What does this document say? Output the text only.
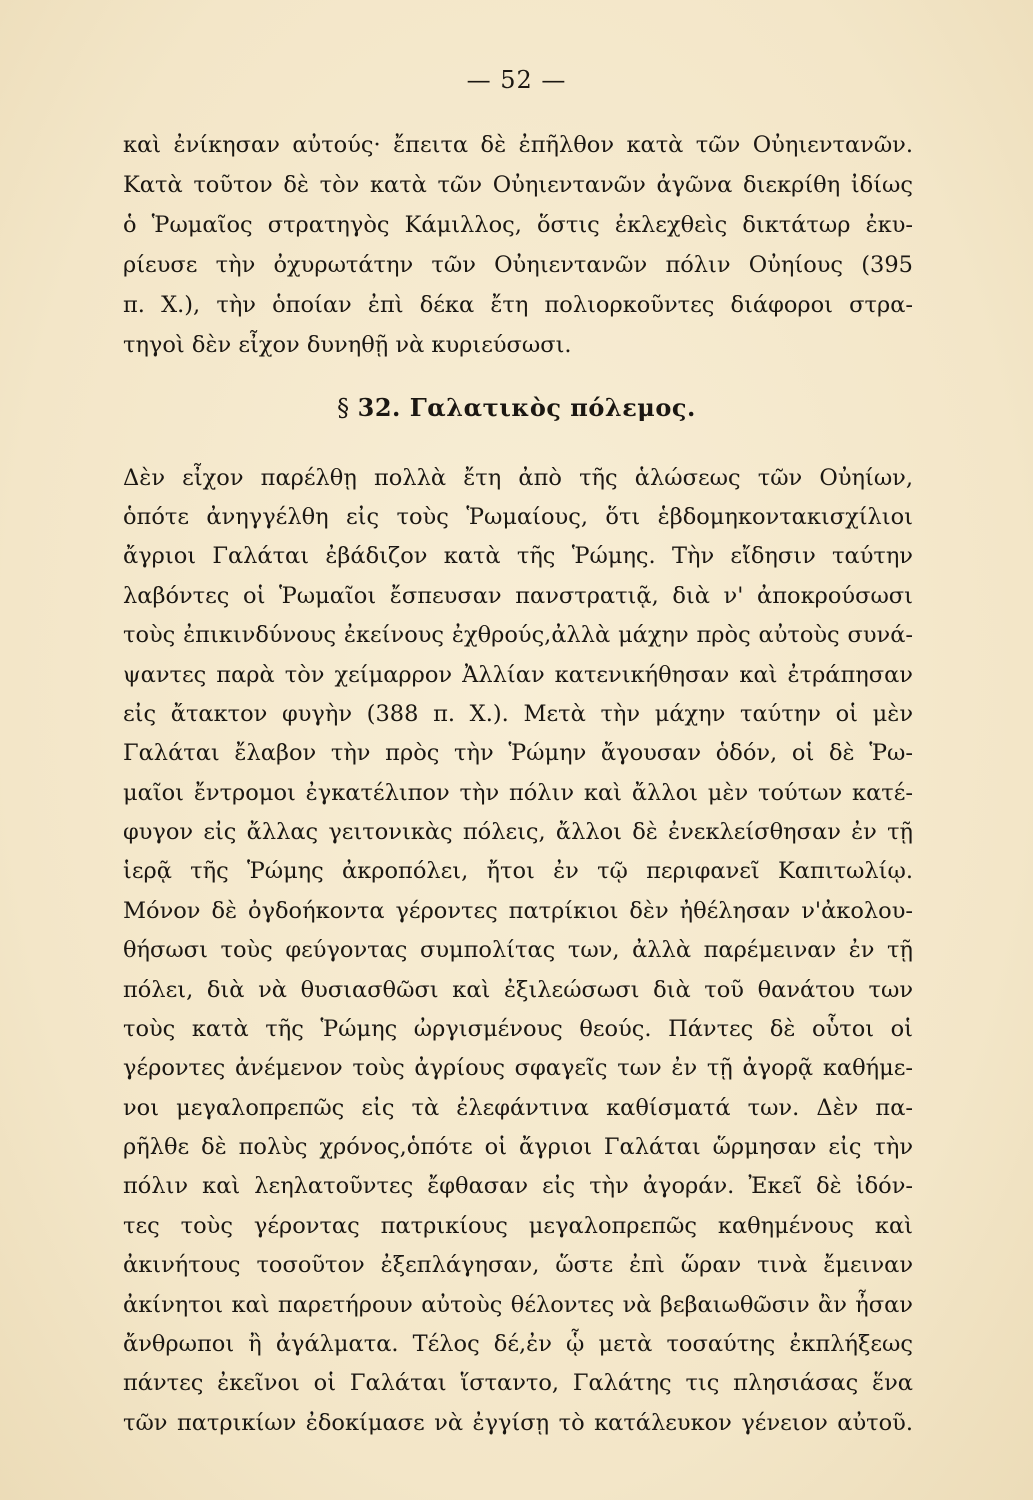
— 52 —
καὶ ἐνίκησαν αὐτούς· ἔπειτα δὲ ἐπῆλθον κατὰ τῶν Οὐηιεντανῶν.
Κατὰ τοῦτον δὲ τὸν κατὰ τῶν Οὐηιεντανῶν ἀγῶνα διεκρίθη ἰδίως
ὁ Ῥωμαῖος στρατηγὸς Κάμιλλος, ὅστις ἐκλεχθεὶς δικτάτωρ ἐκυ-
ρίευσε τὴν ὀχυρωτάτην τῶν Οὐηιεντανῶν πόλιν Οὐηίους (395
π. Χ.), τὴν ὁποίαν ἐπὶ δέκα ἔτη πολιορκοῦντες διάφοροι στρα-
τηγοὶ δὲν εἶχον δυνηθῇ νὰ κυριεύσωσι.
§ 32. Γαλατικὸς πόλεμος.
Δὲν εἶχον παρέλθῃ πολλὰ ἔτη ἀπὸ τῆς ἁλώσεως τῶν Οὐηίων,
ὁπότε ἀνηγγέλθη εἰς τοὺς Ῥωμαίους, ὅτι ἑβδομηκοντακισχίλιοι
ἄγριοι Γαλάται ἐβάδιζον κατὰ τῆς Ῥώμης. Τὴν εἴδησιν ταύτην
λαβόντες οἱ Ῥωμαῖοι ἔσπευσαν πανστρατιᾷ, διὰ ν' ἀποκρούσωσι
τοὺς ἐπικινδύνους ἐκείνους ἐχθρούς,ἀλλὰ μάχην πρὸς αὐτοὺς συνά-
ψαντες παρὰ τὸν χείμαρρον Ἀλλίαν κατενικήθησαν καὶ ἐτράπησαν
εἰς ἄτακτον φυγὴν (388 π. Χ.). Μετὰ τὴν μάχην ταύτην οἱ μὲν
Γαλάται ἔλαβον τὴν πρὸς τὴν Ῥώμην ἄγουσαν ὁδόν, οἱ δὲ Ῥω-
μαῖοι ἔντρομοι ἐγκατέλιπον τὴν πόλιν καὶ ἄλλοι μὲν τούτων κατέ-
φυγον εἰς ἄλλας γειτονικὰς πόλεις, ἄλλοι δὲ ἐνεκλείσθησαν ἐν τῇ
ἱερᾷ τῆς Ῥώμης ἀκροπόλει, ἤτοι ἐν τῷ περιφανεῖ Καπιτωλίῳ.
Μόνον δὲ ὀγδοήκοντα γέροντες πατρίκιοι δὲν ἠθέλησαν ν'ἀκολου-
θήσωσι τοὺς φεύγοντας συμπολίτας των, ἀλλὰ παρέμειναν ἐν τῇ
πόλει, διὰ νὰ θυσιασθῶσι καὶ ἐξιλεώσωσι διὰ τοῦ θανάτου των
τοὺς κατὰ τῆς Ῥώμης ὠργισμένους θεούς. Πάντες δὲ οὗτοι οἱ
γέροντες ἀνέμενον τοὺς ἀγρίους σφαγεῖς των ἐν τῇ ἀγορᾷ καθήμε-
νοι μεγαλοπρεπῶς εἰς τὰ ἐλεφάντινα καθίσματά των. Δὲν πα-
ρῆλθε δὲ πολὺς χρόνος,ὁπότε οἱ ἄγριοι Γαλάται ὥρμησαν εἰς τὴν
πόλιν καὶ λεηλατοῦντες ἔφθασαν εἰς τὴν ἀγοράν. Ἐκεῖ δὲ ἰδόν-
τες τοὺς γέροντας πατρικίους μεγαλοπρεπῶς καθημένους καὶ
ἀκινήτους τοσοῦτον ἐξεπλάγησαν, ὥστε ἐπὶ ὥραν τινὰ ἔμειναν
ἀκίνητοι καὶ παρετήρουν αὐτοὺς θέλοντες νὰ βεβαιωθῶσιν ἂν ἦσαν
ἄνθρωποι ἢ ἀγάλματα. Τέλος δέ,ἐν ᾧ μετὰ τοσαύτης ἐκπλήξεως
πάντες ἐκεῖνοι οἱ Γαλάται ἵσταντο, Γαλάτης τις πλησιάσας ἕνα
τῶν πατρικίων ἐδοκίμασε νὰ ἐγγίσῃ τὸ κατάλευκον γένειον αὐτοῦ.
